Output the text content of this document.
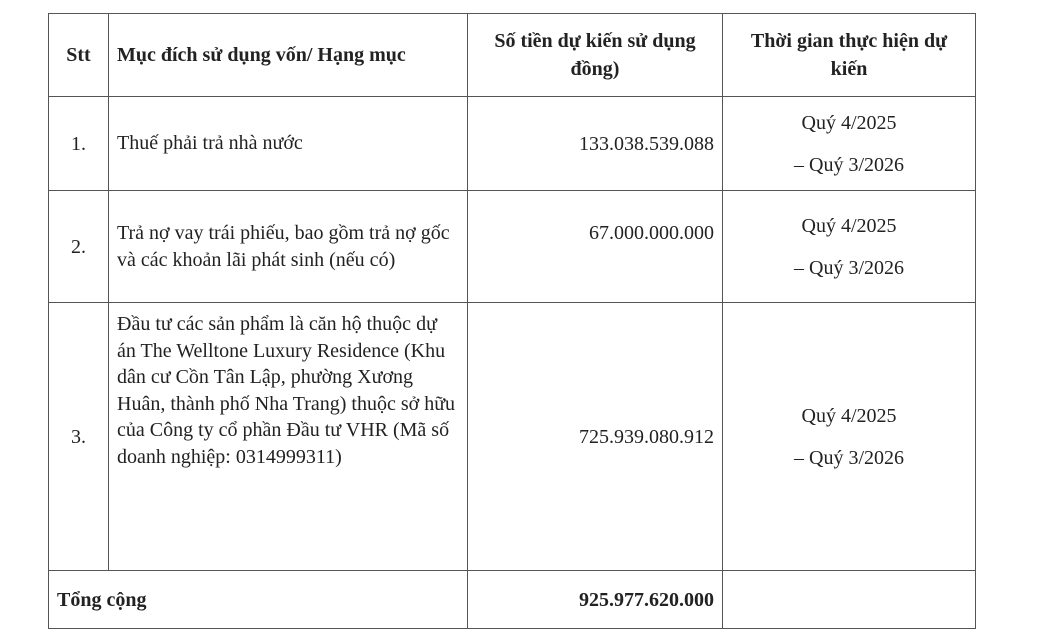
Stt	Mục đích sử dụng vốn/ Hạng mục	Số tiền dự kiến sử dụng đồng)	Thời gian thực hiện dự kiến
1.	Thuế phải trả nhà nước	133.038.539.088	Quý 4/2025
– Quý 3/2026

2.	Trả nợ vay trái phiếu, bao gồm trả nợ gốc và các khoản lãi phát sinh (nếu có)	67.000.000.000	Quý 4/2025
– Quý 3/2026

3.	Đầu tư các sản phẩm là căn hộ thuộc dự án The Welltone Luxury Residence (Khu dân cư Cồn Tân Lập, phường Xương Huân, thành phố Nha Trang) thuộc sở hữu của Công ty cổ phần Đầu tư VHR (Mã số doanh nghiệp: 0314999311)	725.939.080.912	Quý 4/2025
– Quý 3/2026

Tổng cộng		925.977.620.000	
